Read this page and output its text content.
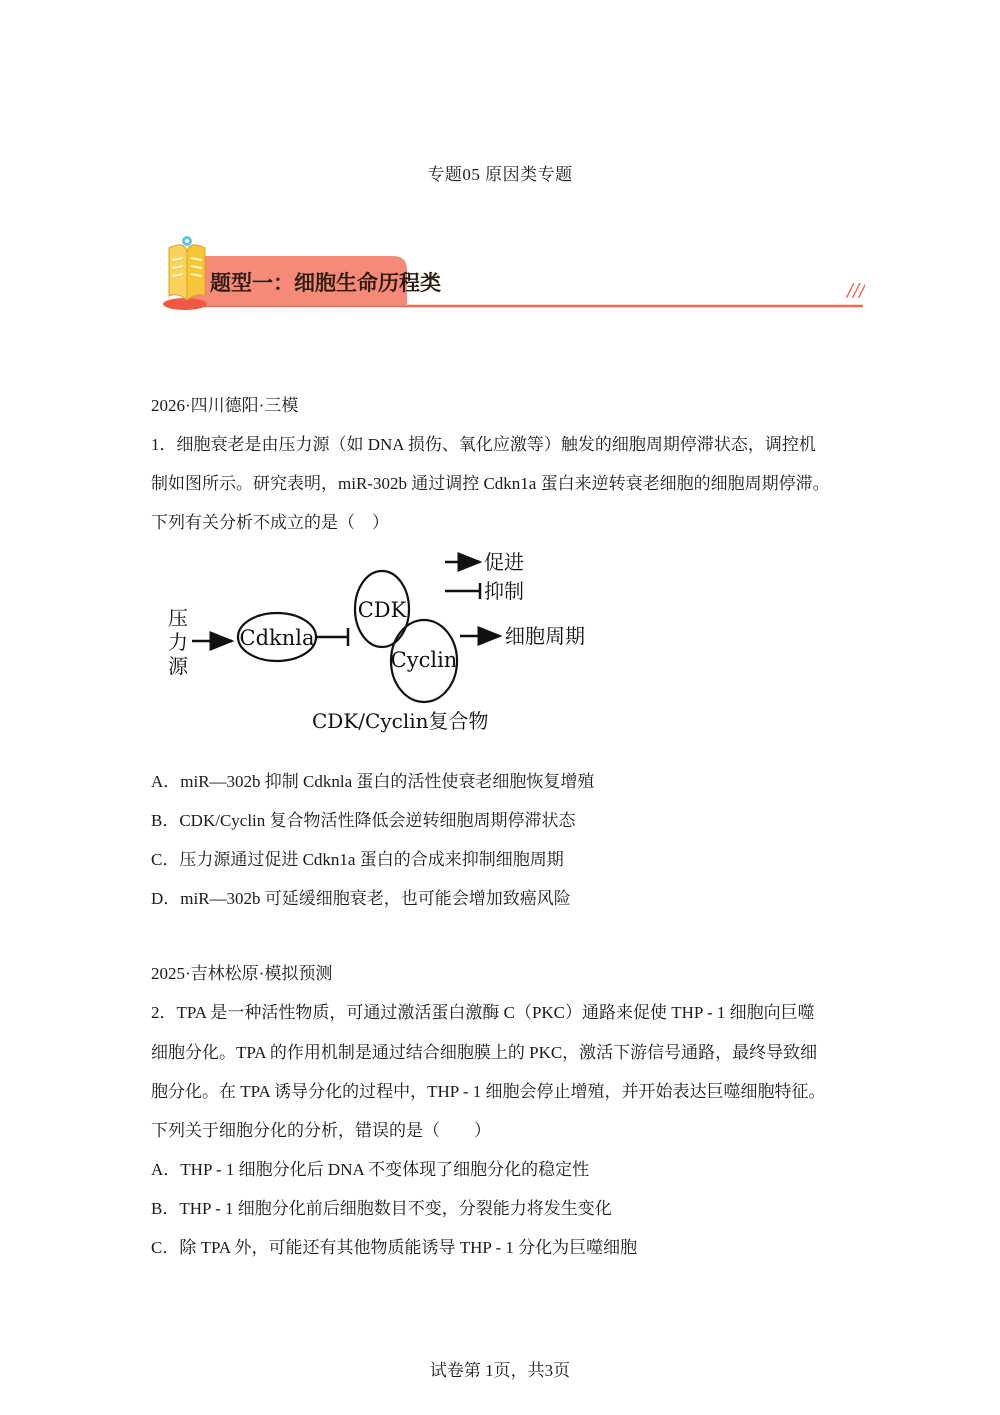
专题05 原因类专题
题型一：细胞生命历程类	///
2026·四川德阳·三模
1．细胞衰老是由压力源（如 DNA 损伤、氧化应激等）触发的细胞周期停滞状态，调控机
制如图所示。研究表明，miR-302b 通过调控 Cdkn1a 蛋白来逆转衰老细胞的细胞周期停滞。
下列有关分析不成立的是（　）
促进
抑制
压
力
源
Cdknla
CDK
Cyclin
细胞周期
CDK/Cyclin复合物
A．miR—302b 抑制 Cdknla 蛋白的活性使衰老细胞恢复增殖
B．CDK/Cyclin 复合物活性降低会逆转细胞周期停滞状态
C．压力源通过促进 Cdkn1a 蛋白的合成来抑制细胞周期
D．miR—302b 可延缓细胞衰老，也可能会增加致癌风险
2025·吉林松原·模拟预测
2．TPA 是一种活性物质，可通过激活蛋白激酶 C（PKC）通路来促使 THP - 1 细胞向巨噬
细胞分化。TPA 的作用机制是通过结合细胞膜上的 PKC，激活下游信号通路，最终导致细
胞分化。在 TPA 诱导分化的过程中，THP - 1 细胞会停止增殖，并开始表达巨噬细胞特征。
下列关于细胞分化的分析，错误的是（　　）
A．THP - 1 细胞分化后 DNA 不变体现了细胞分化的稳定性
B．THP - 1 细胞分化前后细胞数目不变，分裂能力将发生变化
C．除 TPA 外，可能还有其他物质能诱导 THP - 1 分化为巨噬细胞
试卷第 1页，共3页
